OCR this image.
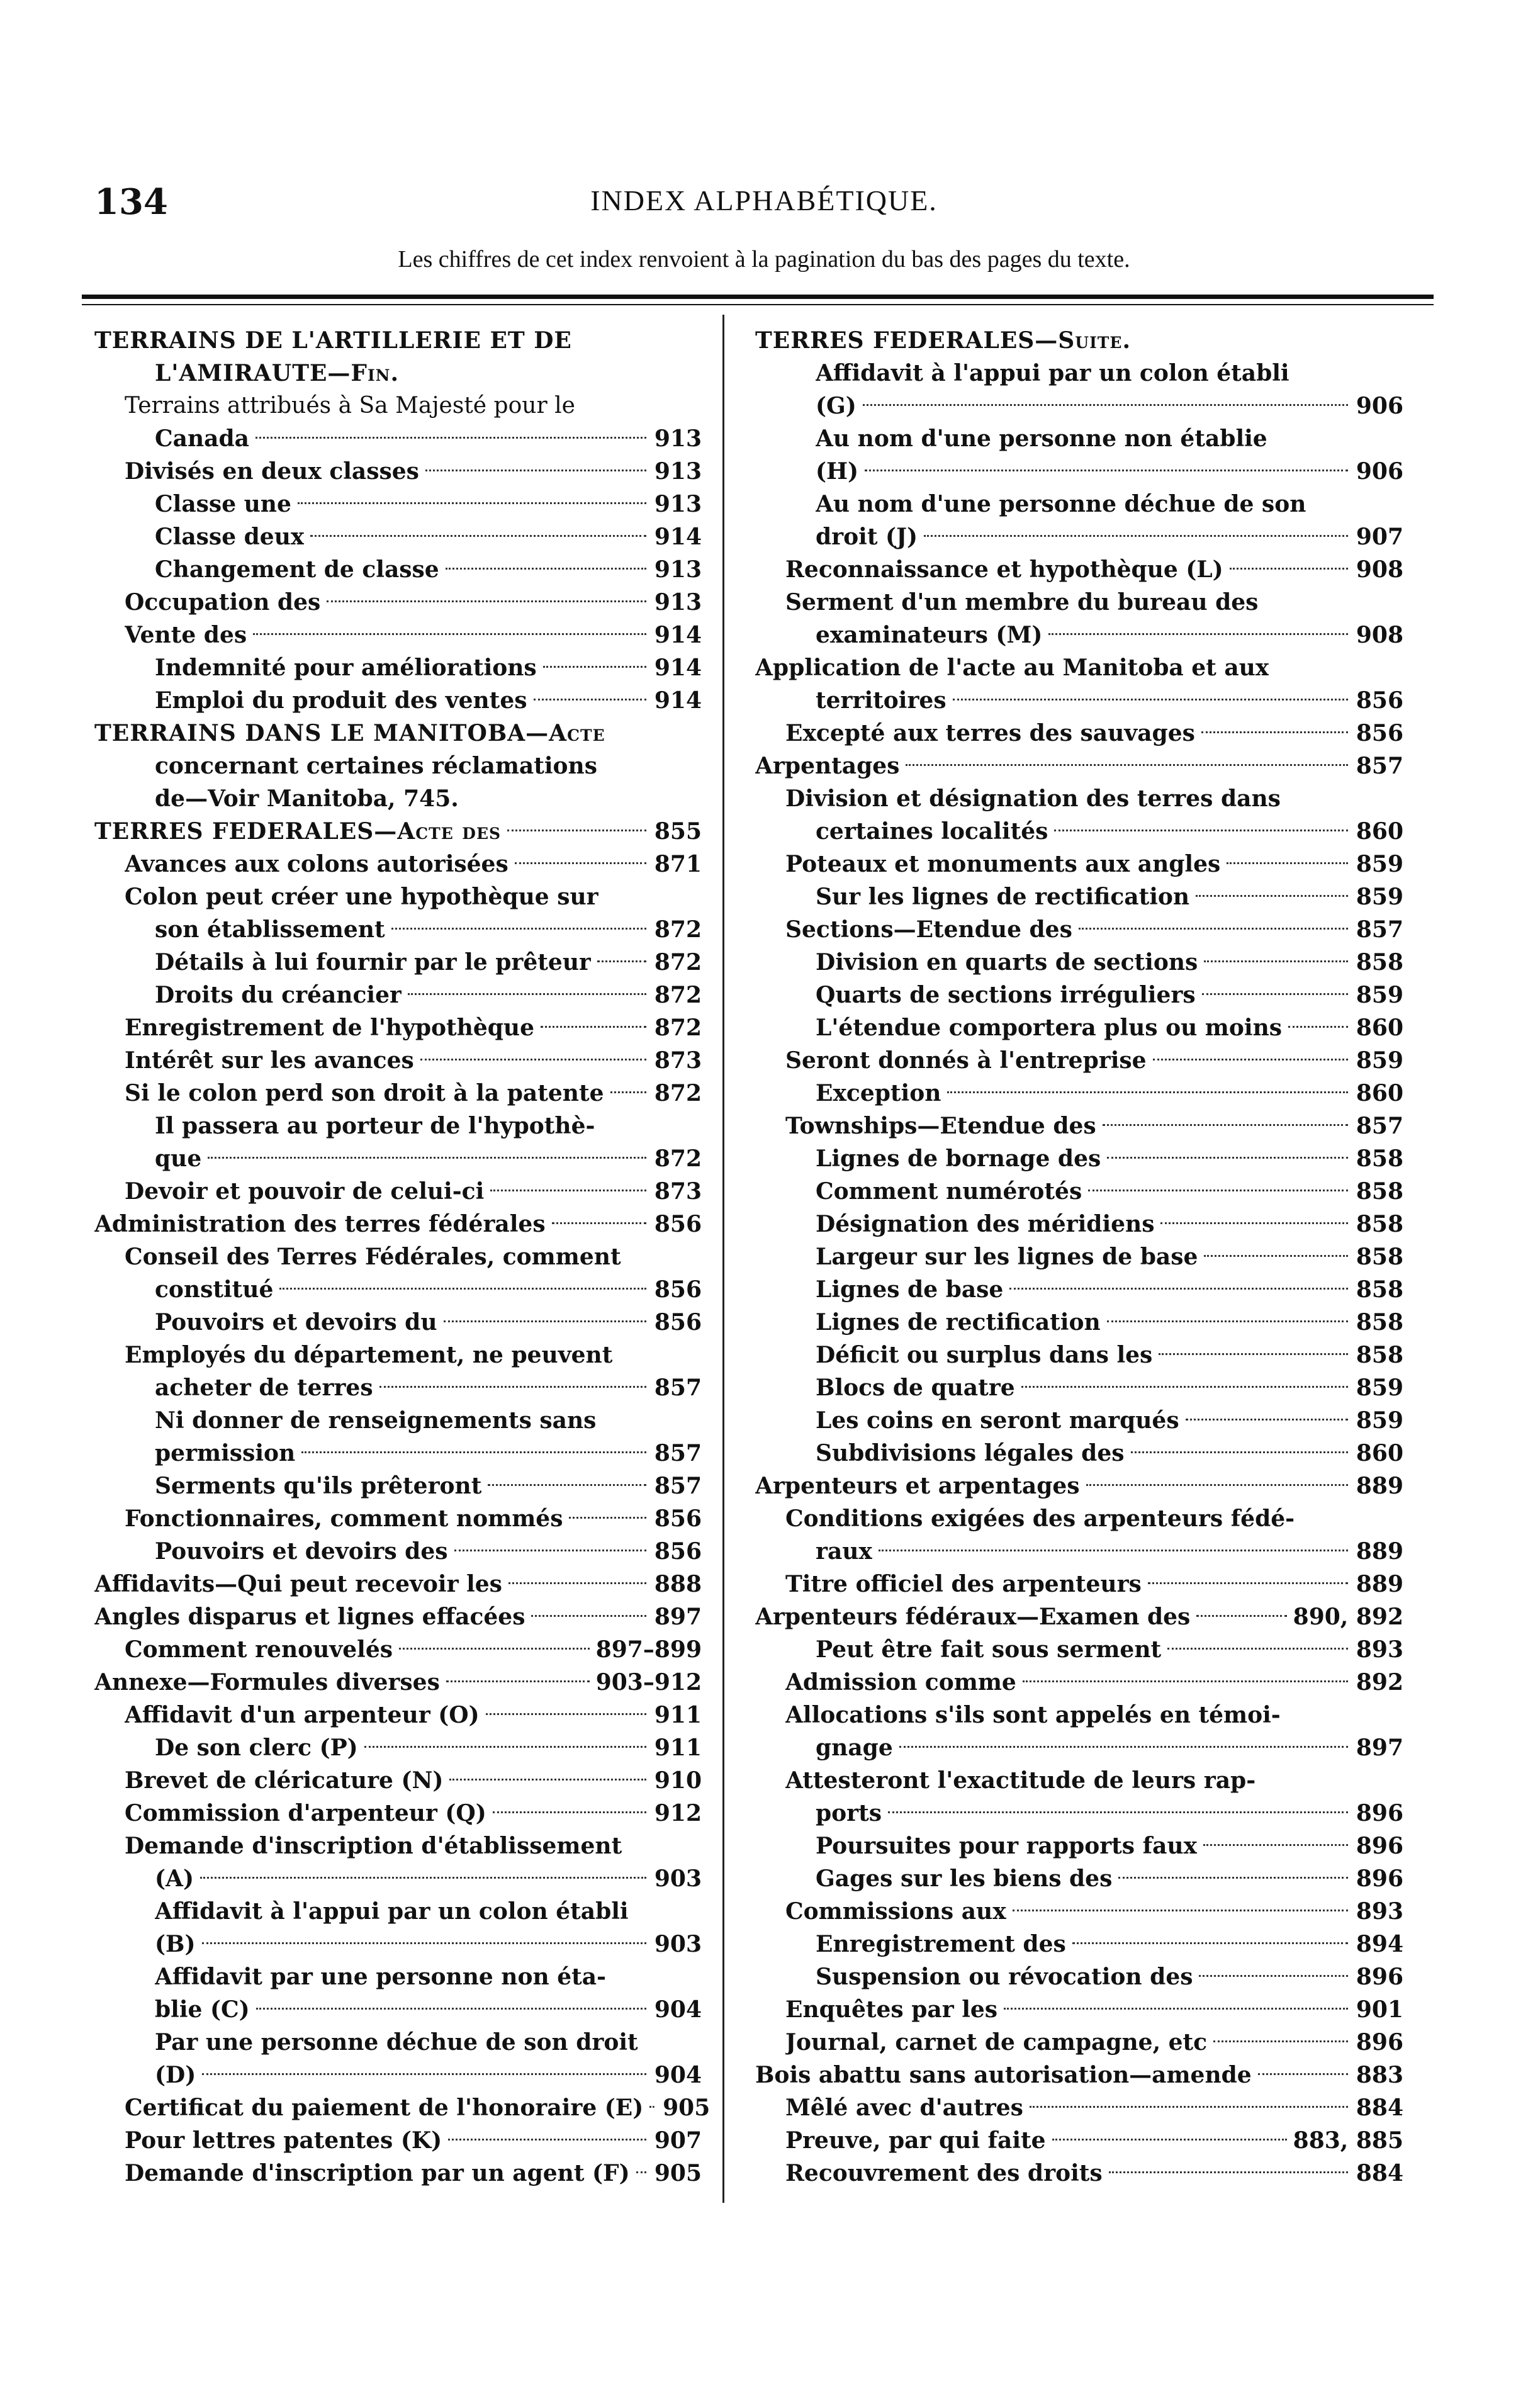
134	INDEX ALPHABÉTIQUE.
Les chiffres de cet index renvoient à la pagination du bas des pages du texte.
TERRAINS DE L'ARTILLERIE ET DE
L'AMIRAUTE—Fin.
Terrains attribués à Sa Majesté pour le
Canada	913
Divisés en deux classes	913
Classe une	913
Classe deux	914
Changement de classe	913
Occupation des	913
Vente des	914
Indemnité pour améliorations	914
Emploi du produit des ventes	914
TERRAINS DANS LE MANITOBA—Acte
concernant certaines réclamations
de—Voir Manitoba, 745.
TERRES FEDERALES—Acte des	855
Avances aux colons autorisées	871
Colon peut créer une hypothèque sur
son établissement	872
Détails à lui fournir par le prêteur	872
Droits du créancier	872
Enregistrement de l'hypothèque	872
Intérêt sur les avances	873
Si le colon perd son droit à la patente 872
Il passera au porteur de l'hypothè-
que	872
Devoir et pouvoir de celui-ci	873
Administration des terres fédérales	856
Conseil des Terres Fédérales, comment
constitué	856
Pouvoirs et devoirs du	856
Employés du département, ne peuvent
acheter de terres	857
Ni donner de renseignements sans
permission	857
Serments qu'ils prêteront	857
Fonctionnaires, comment nommés	856
Pouvoirs et devoirs des	856
Affidavits—Qui peut recevoir les	888
Angles disparus et lignes effacées	897
Comment renouvelés	897–899
Annexe—Formules diverses	903–912
Affidavit d'un arpenteur (O)	911
De son clerc (P)	911
Brevet de cléricature (N)	910
Commission d'arpenteur (Q)	912
Demande d'inscription d'établissement
(A)	903
Affidavit à l'appui par un colon établi
(B)	903
Affidavit par une personne non éta-
blie (C)	904
Par une personne déchue de son droit
(D)	904
Certificat du paiement de l'honoraire (E) 905
Pour lettres patentes (K)	907
Demande d'inscription par un agent (F) 905
TERRES FEDERALES—Suite.
Affidavit à l'appui par un colon établi
(G)	906
Au nom d'une personne non établie
(H)	906
Au nom d'une personne déchue de son
droit (J)	907
Reconnaissance et hypothèque (L)	908
Serment d'un membre du bureau des
examinateurs (M)	908
Application de l'acte au Manitoba et aux
territoires	856
Excepté aux terres des sauvages	856
Arpentages	857
Division et désignation des terres dans
certaines localités	860
Poteaux et monuments aux angles	859
Sur les lignes de rectification	859
Sections—Etendue des	857
Division en quarts de sections	858
Quarts de sections irréguliers	859
L'étendue comportera plus ou moins	860
Seront donnés à l'entreprise	859
Exception	860
Townships—Etendue des	857
Lignes de bornage des	858
Comment numérotés	858
Désignation des méridiens	858
Largeur sur les lignes de base	858
Lignes de base	858
Lignes de rectification	858
Déficit ou surplus dans les	858
Blocs de quatre	859
Les coins en seront marqués	859
Subdivisions légales des	860
Arpenteurs et arpentages	889
Conditions exigées des arpenteurs fédé-
raux	889
Titre officiel des arpenteurs	889
Arpenteurs fédéraux—Examen des	890, 892
Peut être fait sous serment	893
Admission comme	892
Allocations s'ils sont appelés en témoi-
gnage	897
Attesteront l'exactitude de leurs rap-
ports	896
Poursuites pour rapports faux	896
Gages sur les biens des	896
Commissions aux	893
Enregistrement des	894
Suspension ou révocation des	896
Enquêtes par les	901
Journal, carnet de campagne, etc	896
Bois abattu sans autorisation—amende	883
Mêlé avec d'autres	884
Preuve, par qui faite	883, 885
Recouvrement des droits	884
